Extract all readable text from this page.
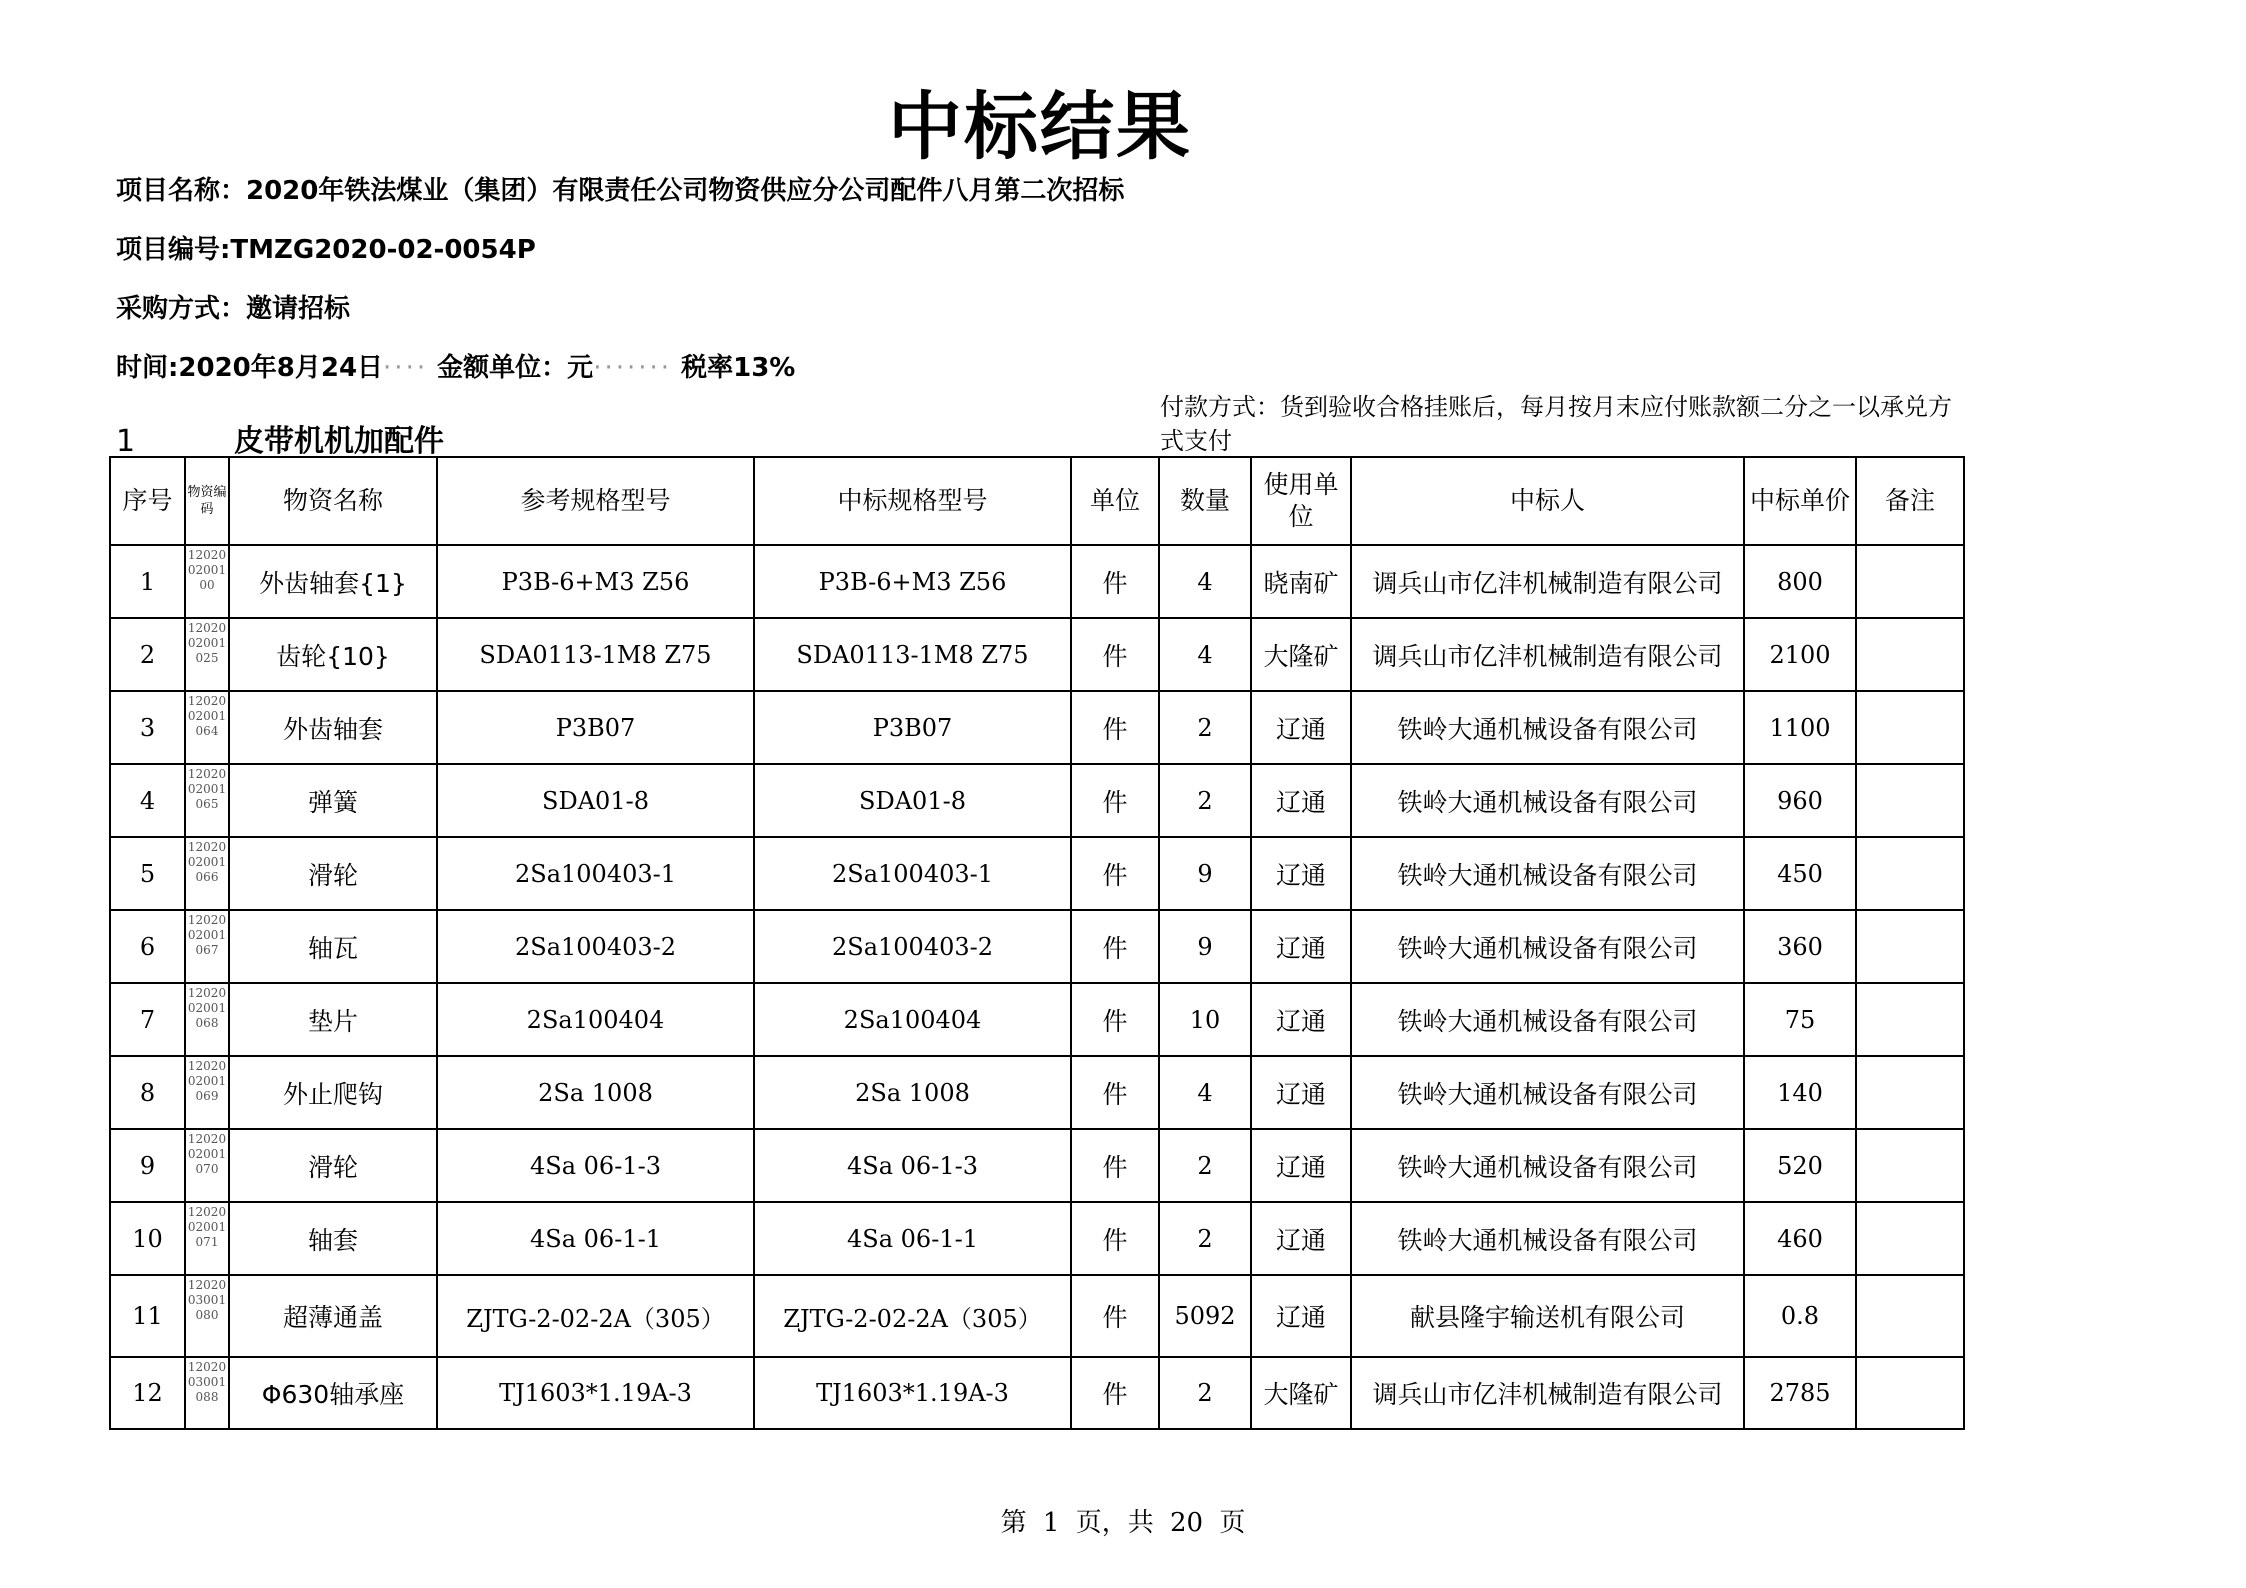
中标结果
项目名称：2020年铁法煤业（集团）有限责任公司物资供应分公司配件八月第二次招标
项目编号:TMZG2020-02-0054P
采购方式：邀请招标
时间:2020年8月24日···· 金额单位：元······· 税率13%
付款方式：货到验收合格挂账后，每月按月末应付账款额二分之一以承兑方式支付
1	皮带机机加配件
序号	物资编码	物资名称	参考规格型号	中标规格型号	单位	数量	使用单位	中标人	中标单价	备注
1	120200200100	外齿轴套{1}	P3B-6+M3 Z56	P3B-6+M3 Z56	件	4	晓南矿	调兵山市亿沣机械制造有限公司	800	
2	1202002001025	齿轮{10}	SDA0113-1M8 Z75	SDA0113-1M8 Z75	件	4	大隆矿	调兵山市亿沣机械制造有限公司	2100	
3	1202002001064	外齿轴套	P3B07	P3B07	件	2	辽通	铁岭大通机械设备有限公司	1100	
4	1202002001065	弹簧	SDA01-8	SDA01-8	件	2	辽通	铁岭大通机械设备有限公司	960	
5	1202002001066	滑轮	2Sa100403-1	2Sa100403-1	件	9	辽通	铁岭大通机械设备有限公司	450	
6	1202002001067	轴瓦	2Sa100403-2	2Sa100403-2	件	9	辽通	铁岭大通机械设备有限公司	360	
7	1202002001068	垫片	2Sa100404	2Sa100404	件	10	辽通	铁岭大通机械设备有限公司	75	
8	1202002001069	外止爬钩	2Sa 1008	2Sa 1008	件	4	辽通	铁岭大通机械设备有限公司	140	
9	1202002001070	滑轮	4Sa 06-1-3	4Sa 06-1-3	件	2	辽通	铁岭大通机械设备有限公司	520	
10	1202002001071	轴套	4Sa 06-1-1	4Sa 06-1-1	件	2	辽通	铁岭大通机械设备有限公司	460	
11	1202003001080	超薄通盖	ZJTG-2-02-2A（305）	ZJTG-2-02-2A（305）	件	5092	辽通	献县隆宇输送机有限公司	0.8	
12	1202003001088	Φ630轴承座	TJ1603*1.19A-3	TJ1603*1.19A-3	件	2	大隆矿	调兵山市亿沣机械制造有限公司	2785	
第 1 页，共 20 页
